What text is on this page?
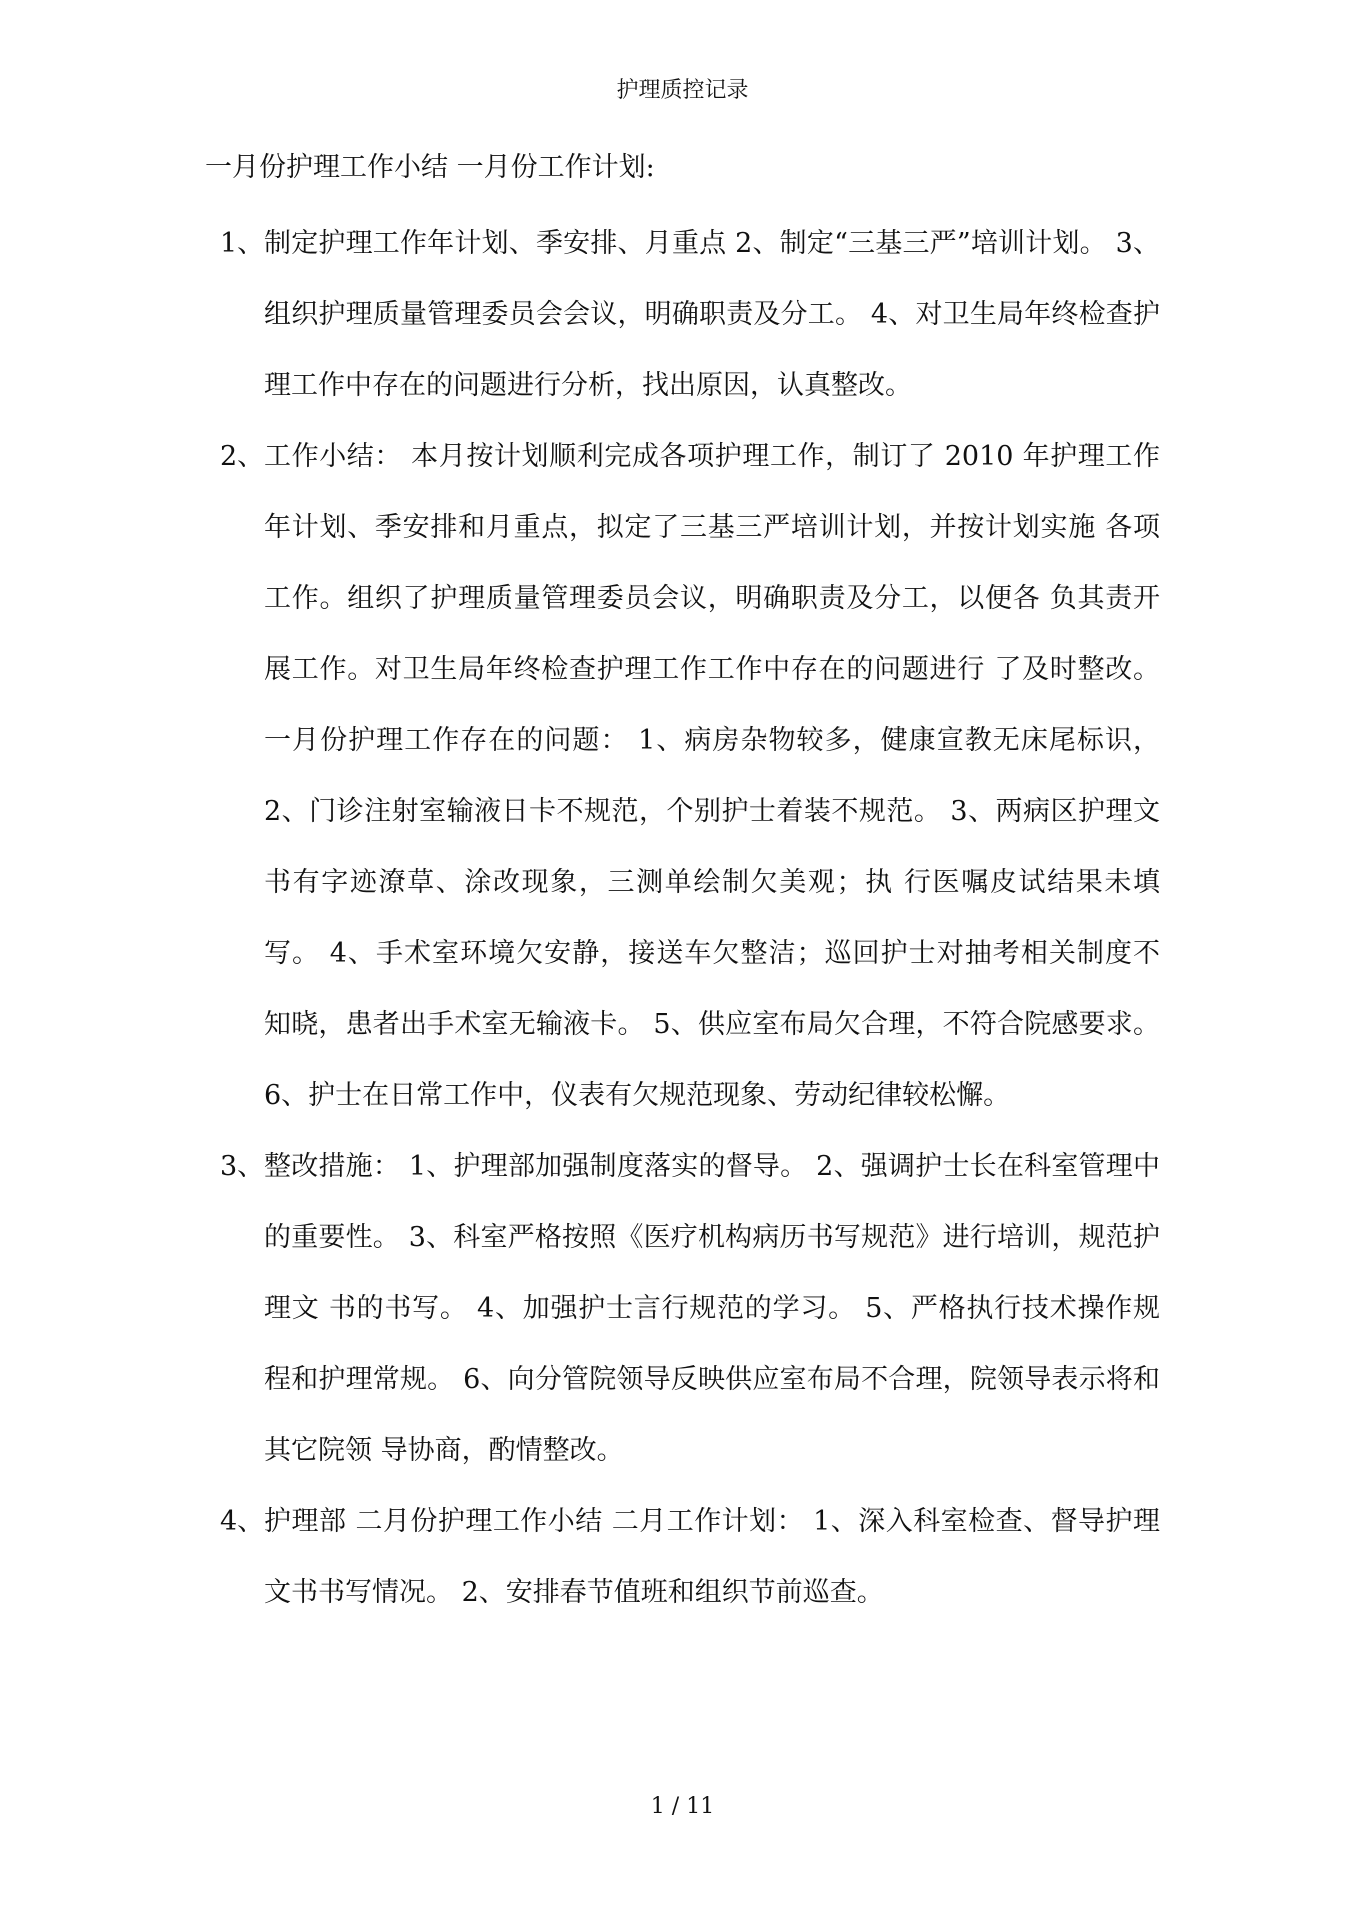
护理质控记录
一月份护理工作小结 一月份工作计划:
1、 制定护理工作年计划、季安排、月重点 2、制定“三基三严”培训计划。 3、组织护理质量管理委员会会议，明确职责及分工。 4、对卫生局年终检查护理工作中存在的问题进行分析，找出原因，认真整改。
2、 工作小结： 本月按计划顺利完成各项护理工作，制订了 2010 年护理工作 年计划、季安排和月重点，拟定了三基三严培训计划，并按计划实施 各项工作。组织了护理质量管理委员会议，明确职责及分工，以便各 负其责开展工作。对卫生局年终检查护理工作工作中存在的问题进行 了及时整改。 一月份护理工作存在的问题： 1、病房杂物较多，健康宣教无床尾标识， 2、门诊注射室输液日卡不规范，个别护士着装不规范。 3、两病区护理文书有字迹潦草、涂改现象，三测单绘制欠美观；执 行医嘱皮试结果未填写。 4、手术室环境欠安静，接送车欠整洁；巡回护士对抽考相关制度不 知晓，患者出手术室无输液卡。 5、供应室布局欠合理，不符合院感要求。 6、护士在日常工作中，仪表有欠规范现象、劳动纪律较松懈。
3、 整改措施： 1、护理部加强制度落实的督导。 2、强调护士长在科室管理中的重要性。 3、科室严格按照《医疗机构病历书写规范》进行培训，规范护理文 书的书写。 4、加强护士言行规范的学习。 5、严格执行技术操作规程和护理常规。 6、向分管院领导反映供应室布局不合理，院领导表示将和其它院领 导协商，酌情整改。
4、 护理部 二月份护理工作小结 二月工作计划： 1、深入科室检查、督导护理文书书写情况。 2、安排春节值班和组织节前巡查。
1 / 11
